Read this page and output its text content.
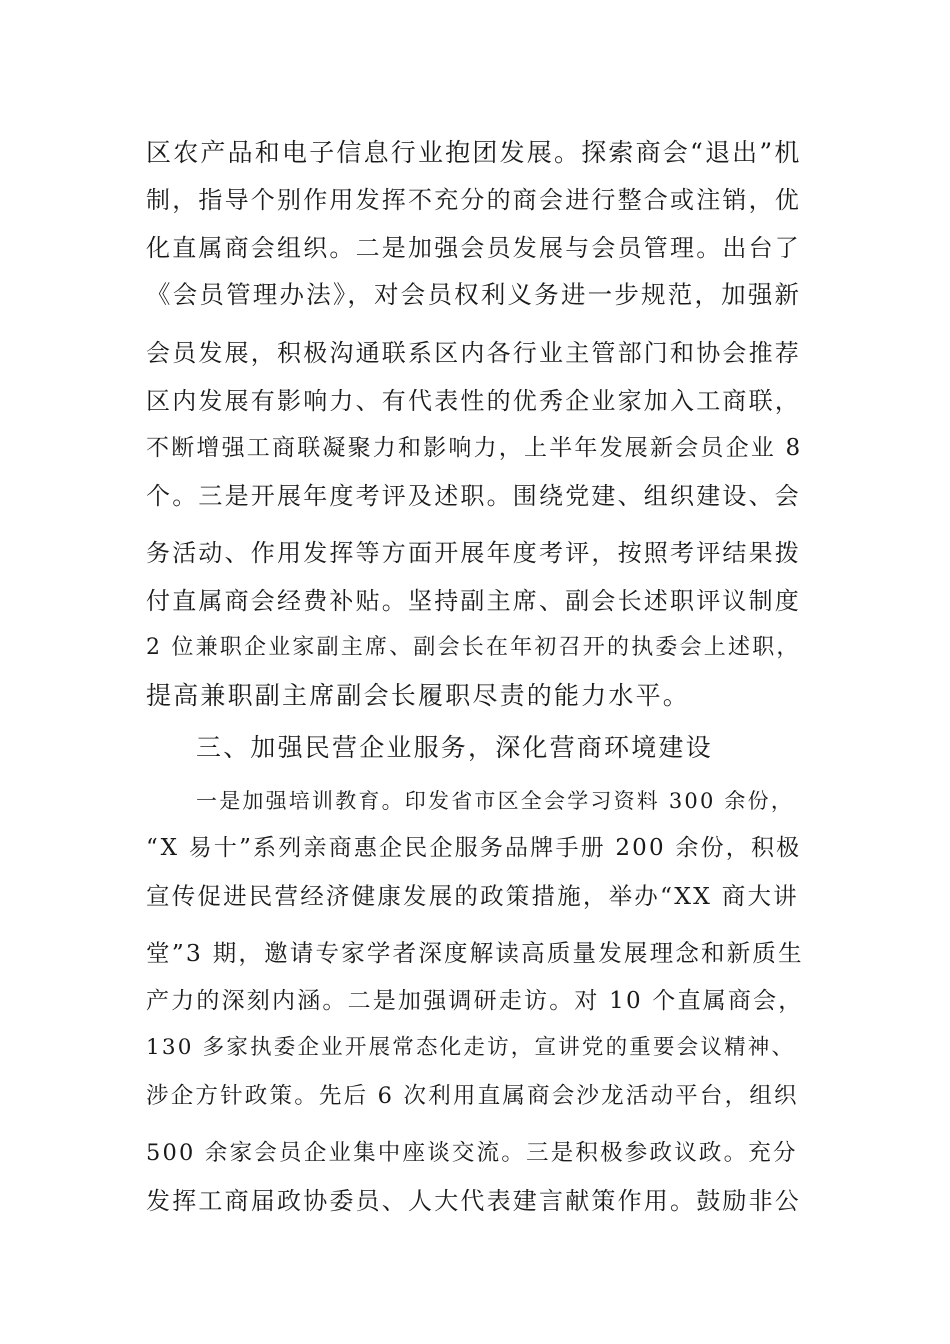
区农产品和电子信息行业抱团发展。探索商会“退出”机
制，指导个别作用发挥不充分的商会进行整合或注销，优
化直属商会组织。二是加强会员发展与会员管理。出台了
《会员管理办法》，对会员权利义务进一步规范，加强新
会员发展，积极沟通联系区内各行业主管部门和协会推荐
区内发展有影响力、有代表性的优秀企业家加入工商联，
不断增强工商联凝聚力和影响力，上半年发展新会员企业 8
个。三是开展年度考评及述职。围绕党建、组织建设、会
务活动、作用发挥等方面开展年度考评，按照考评结果拨
付直属商会经费补贴。坚持副主席、副会长述职评议制度
2 位兼职企业家副主席、副会长在年初召开的执委会上述职，
提高兼职副主席副会长履职尽责的能力水平。
三、加强民营企业服务，深化营商环境建设
一是加强培训教育。印发省市区全会学习资料 300 余份，
“X 易十”系列亲商惠企民企服务品牌手册 200 余份，积极
宣传促进民营经济健康发展的政策措施，举办“XX 商大讲
堂”3 期，邀请专家学者深度解读高质量发展理念和新质生
产力的深刻内涵。二是加强调研走访。对 10 个直属商会，
130 多家执委企业开展常态化走访，宣讲党的重要会议精神、
涉企方针政策。先后 6 次利用直属商会沙龙活动平台，组织
500 余家会员企业集中座谈交流。三是积极参政议政。充分
发挥工商届政协委员、人大代表建言献策作用。鼓励非公
